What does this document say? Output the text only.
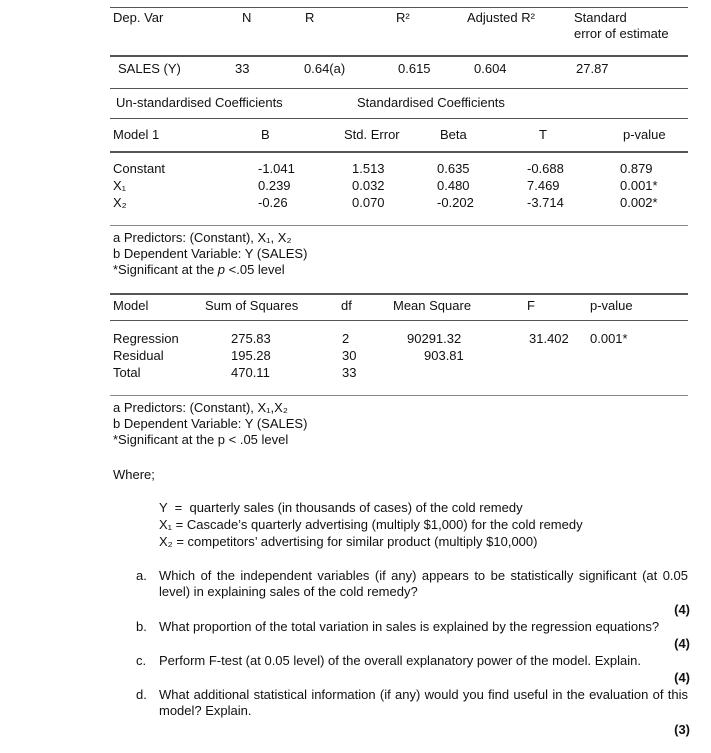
Dep. Var	N	R	R²	Adjusted R²	Standard
error of estimate
SALES (Y)	33	0.64(a)	0.615	0.604	27.87
Un-standardised Coefficients	Standardised Coefficients
Model 1	B	Std. Error	Beta	T	p-value
Constant	-1.041	1.513	0.635	-0.688	0.879
X₁	0.239	0.032	0.480	7.469	0.001*
X₂	-0.26	0.070	-0.202	-3.714	0.002*
a Predictors: (Constant), X₁, X₂
b Dependent Variable: Y (SALES)
*Significant at the p <.05 level
Model	Sum of Squares	df	Mean Square	F	p-value
Regression	275.83	2	90291.32	31.402 0.001*
Residual	195.28	30	903.81
Total	470.11	33
a Predictors: (Constant), X₁,X₂
b Dependent Variable: Y (SALES)
*Significant at the p < .05 level
Where;
Y  =  quarterly sales (in thousands of cases) of the cold remedy
X₁ = Cascade’s quarterly advertising (multiply $1,000) for the cold remedy
X₂ = competitors’ advertising for similar product (multiply $10,000)
a. Which of the independent variables (if any) appears to be statistically significant (at 0.05 level) in explaining sales of the cold remedy?
(4)
b. What proportion of the total variation in sales is explained by the regression equations?
(4)
c. Perform F-test (at 0.05 level) of the overall explanatory power of the model. Explain.
(4)
d. What additional statistical information (if any) would you find useful in the evaluation of this model? Explain.
(3)
